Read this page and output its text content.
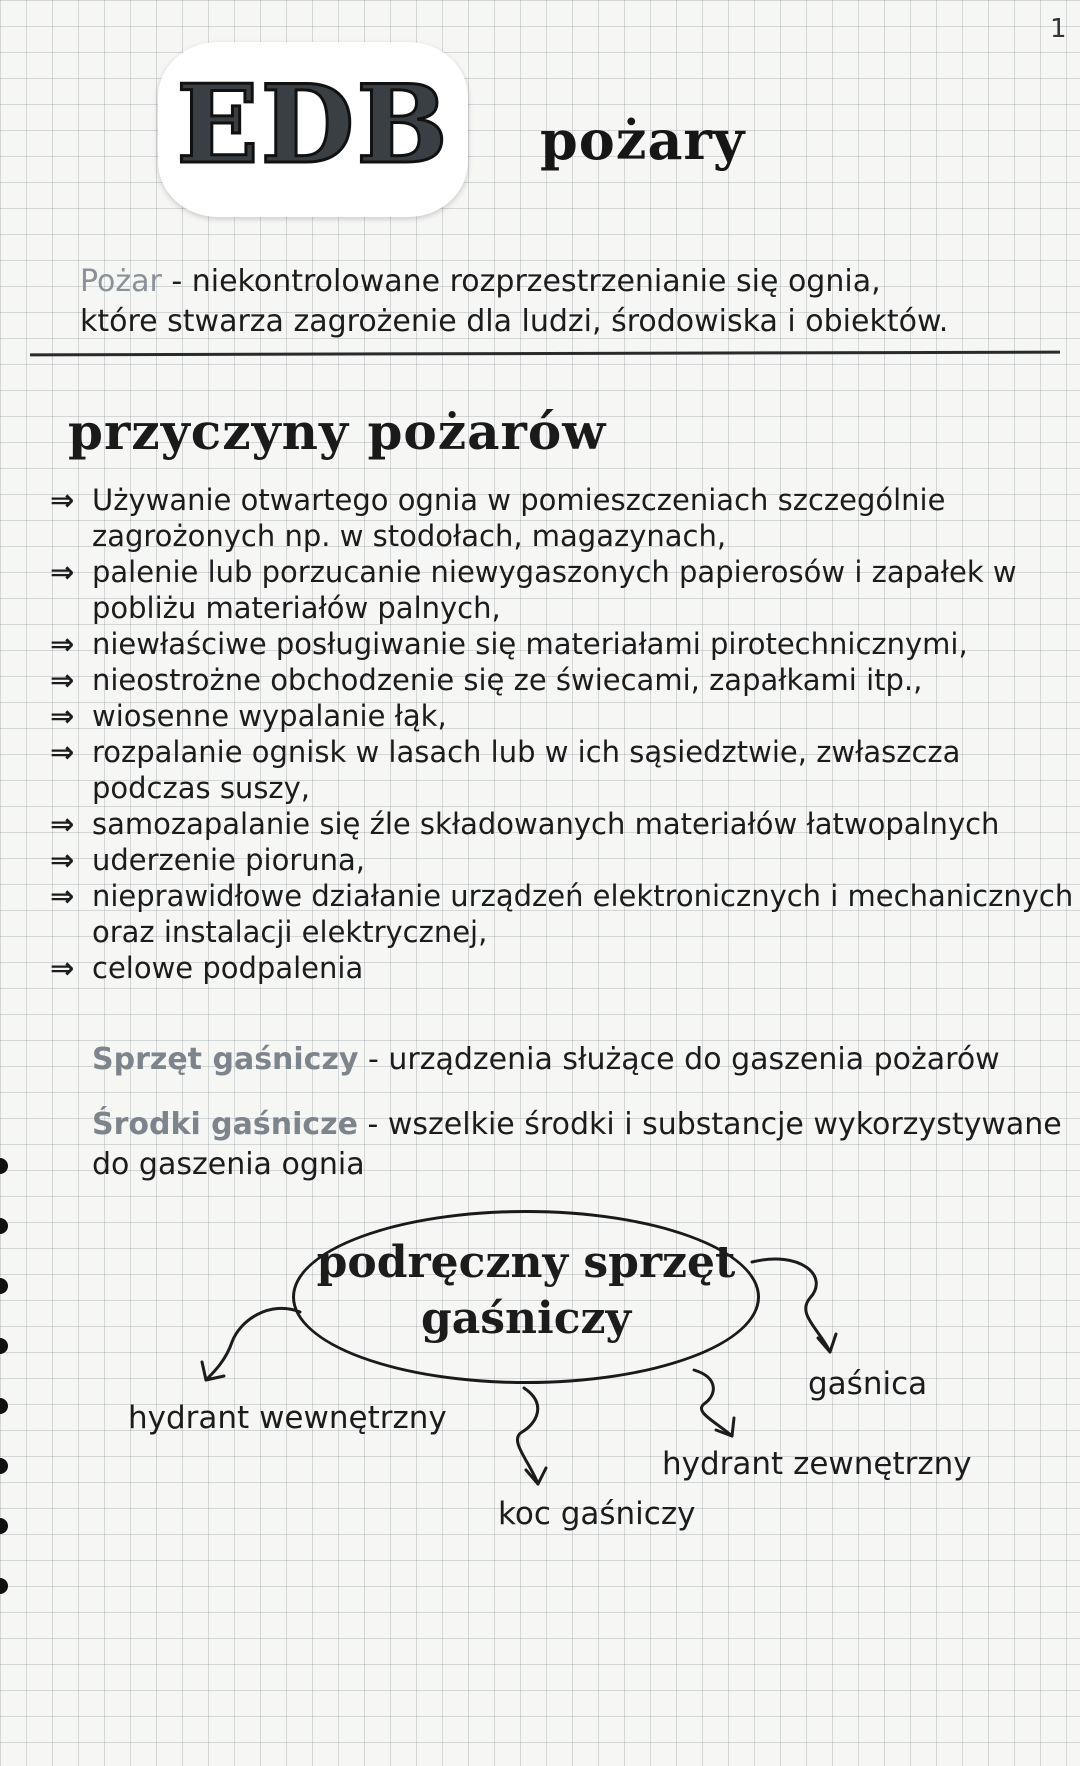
1
EDB	pożary
Pożar - niekontrolowane rozprzestrzenianie się ognia,
które stwarza zagrożenie dla ludzi, środowiska i obiektów.
przyczyny pożarów
⇒ Używanie otwartego ognia w pomieszczeniach szczególnie zagrożonych np. w stodołach, magazynach,
⇒ palenie lub porzucanie niewygaszonych papierosów i zapałek w pobliżu materiałów palnych,
⇒ niewłaściwe posługiwanie się materiałami pirotechnicznymi,
⇒ nieostrożne obchodzenie się ze świecami, zapałkami itp.,
⇒ wiosenne wypalanie łąk,
⇒ rozpalanie ognisk w lasach lub w ich sąsiedztwie, zwłaszcza podczas suszy,
⇒ samozapalanie się źle składowanych materiałów łatwopalnych
⇒ uderzenie pioruna,
⇒ nieprawidłowe działanie urządzeń elektronicznych i mechanicznych oraz instalacji elektrycznej,
⇒ celowe podpalenia
Sprzęt gaśniczy - urządzenia służące do gaszenia pożarów
Środki gaśnicze - wszelkie środki i substancje wykorzystywane do gaszenia ognia
podręczny sprzęt
gaśniczy
hydrant wewnętrzny
gaśnica
hydrant zewnętrzny
koc gaśniczy
